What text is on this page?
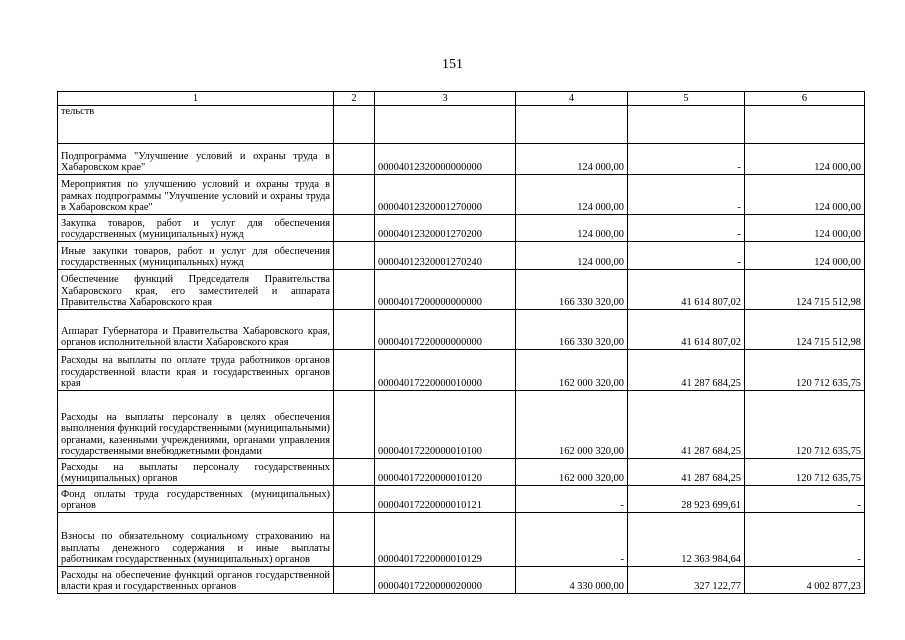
151
1	2	3	4	5	6
тельств					
Подпрограмма "Улучшение условий и охраны труда в Хабаровском крае"		00004012320000000000	124 000,00	-	124 000,00
Мероприятия по улучшению условий и охраны труда в рамках подпрограммы "Улучшение условий и охраны труда в Хабаровском крае"		00004012320001270000	124 000,00	-	124 000,00
Закупка товаров, работ и услуг для обеспечения государственных (муниципальных) нужд		00004012320001270200	124 000,00	-	124 000,00
Иные закупки товаров, работ и услуг для обеспечения государственных (муниципальных) нужд		00004012320001270240	124 000,00	-	124 000,00
Обеспечение функций Председателя Правительства Хабаровского края, его заместителей и аппарата Правительства Хабаровского края		00004017200000000000	166 330 320,00	41 614 807,02	124 715 512,98
Аппарат Губернатора и Правительства Хабаровского края, органов исполнительной власти Хабаровского края		00004017220000000000	166 330 320,00	41 614 807,02	124 715 512,98
Расходы на выплаты по оплате труда работников органов государственной власти края и государственных органов края		00004017220000010000	162 000 320,00	41 287 684,25	120 712 635,75
Расходы на выплаты персоналу в целях обеспечения выполнения функций государственными (муниципальными) органами, казенными учреждениями, органами управления государственными внебюджетными фондами		00004017220000010100	162 000 320,00	41 287 684,25	120 712 635,75
Расходы на выплаты персоналу государственных (муниципальных) органов		00004017220000010120	162 000 320,00	41 287 684,25	120 712 635,75
Фонд оплаты труда государственных (муниципальных) органов		00004017220000010121	-	28 923 699,61	-
Взносы по обязательному социальному страхованию на выплаты денежного содержания и иные выплаты работникам государственных (муниципальных) органов		00004017220000010129	-	12 363 984,64	-
Расходы на обеспечение функций органов государственной власти края и государственных органов		00004017220000020000	4 330 000,00	327 122,77	4 002 877,23
